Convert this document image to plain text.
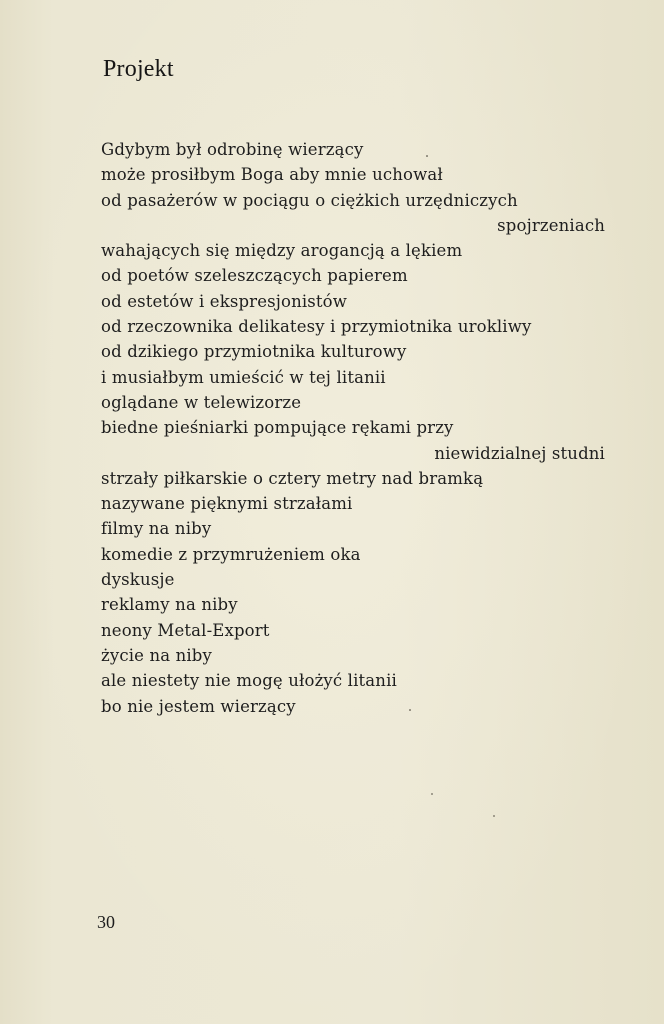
Projekt
Gdybym był odrobinę wierzący
może prosiłbym Boga aby mnie uchował
od pasażerów w pociągu o ciężkich urzędniczych
spojrzeniach
wahających się między arogancją a lękiem
od poetów szeleszczących papierem
od estetów i ekspresjonistów
od rzeczownika delikatesy i przymiotnika urokliwy
od dzikiego przymiotnika kulturowy
i musiałbym umieścić w tej litanii
oglądane w telewizorze
biedne pieśniarki pompujące rękami przy
niewidzialnej studni
strzały piłkarskie o cztery metry nad bramką
nazywane pięknymi strzałami
filmy na niby
komedie z przymrużeniem oka
dyskusje
reklamy na niby
neony Metal-Export
życie na niby
ale niestety nie mogę ułożyć litanii
bo nie jestem wierzący
30
